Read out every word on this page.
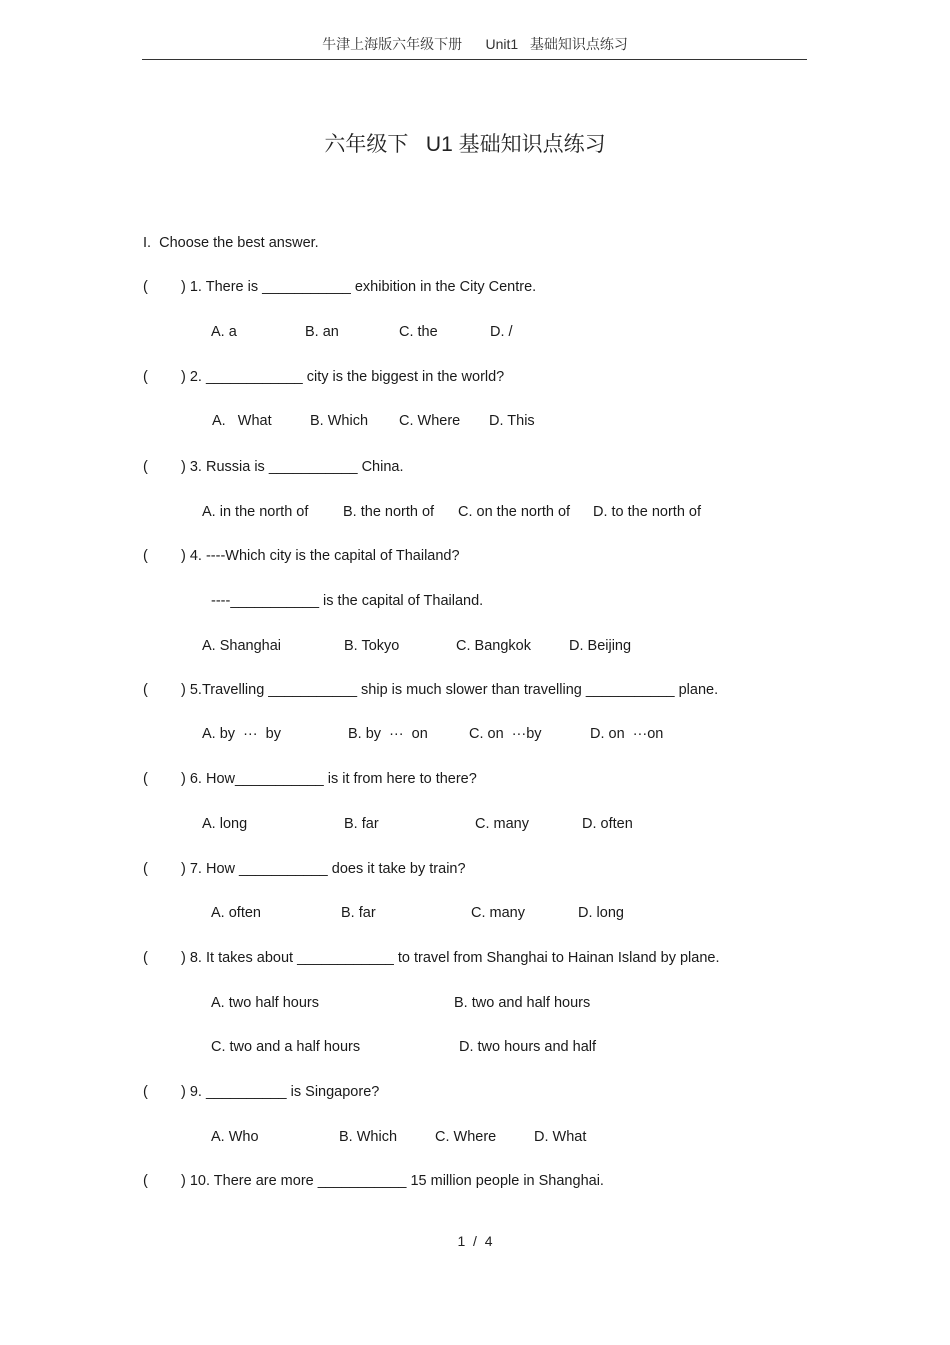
牛津上海版六年级下册      Unit1   基础知识点练习
六年级下   U1 基础知识点练习
I.  Choose the best answer.
( ) 1. There is ___________ exhibition in the City Centre.
A. a	B. an	C. the	D. /
( ) 2. ____________ city is the biggest in the world?
A.   What	B. Which C. Where D. This
( ) 3. Russia is ___________ China.
A. in the north of B. the north of C. on the north of D. to the north of
( ) 4. ----Which city is the capital of Thailand?
----___________ is the capital of Thailand.
A. Shanghai	B. Tokyo	C. Bangkok	D. Beijing
( ) 5.Travelling ___________ ship is much slower than travelling ___________ plane.
A. by  ···  by	B. by  ···  on	C. on  ···by	D. on  ···on
( ) 6. How___________ is it from here to there?
A. long	B. far	C. many	D. often
( ) 7. How ___________ does it take by train?
A. often	B. far	C. many	D. long
( ) 8. It takes about ____________ to travel from Shanghai to Hainan Island by plane.
A. two half hours	B. two and half hours
C. two and a half hours	D. two hours and half
( ) 9. __________ is Singapore?
A. Who	B. Which	C. Where	D. What
( ) 10. There are more ___________ 15 million people in Shanghai.
1  /  4
